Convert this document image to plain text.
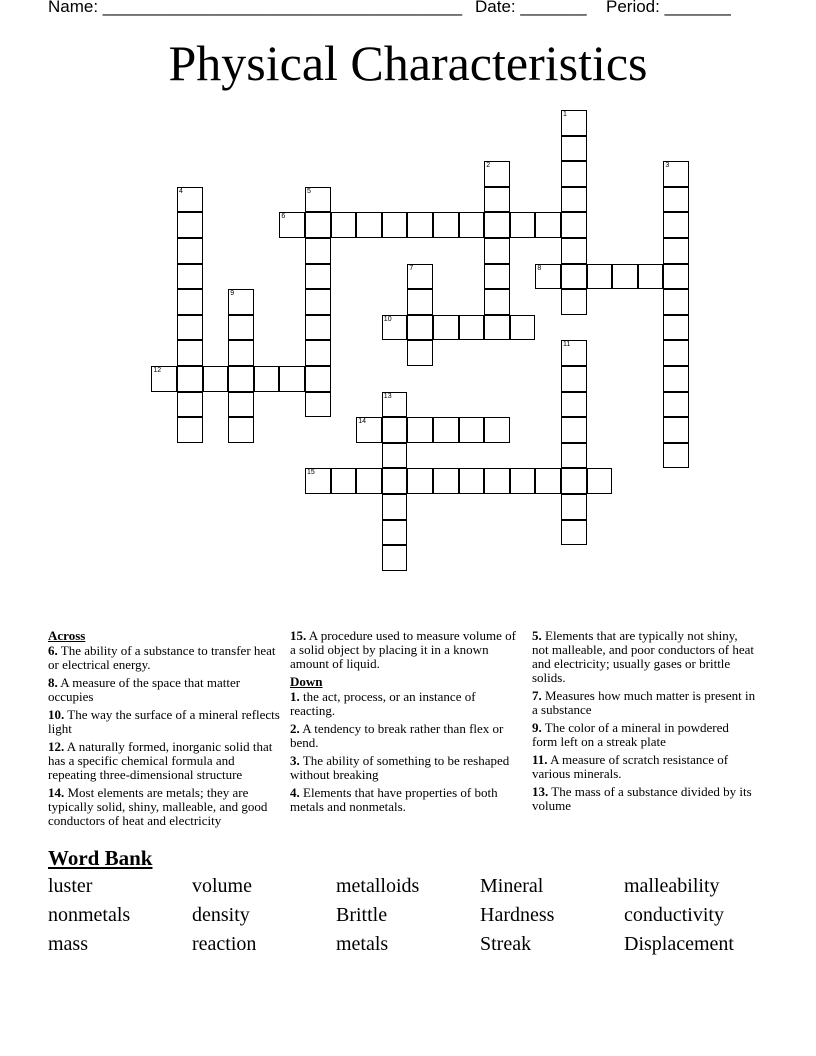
Name: ______________________________________ Date: _______ Period: _______
Physical Characteristics
1
2	3
4	5
6
7	8
9
10
11
12
13
14
15
Across
6. The ability of a substance to transfer heat or electrical energy.
8. A measure of the space that matter occupies
10. The way the surface of a mineral reflects light
12. A naturally formed, inorganic solid that has a specific chemical formula and repeating three-dimensional structure
14. Most elements are metals; they are typically solid, shiny, malleable, and good conductors of heat and electricity
15. A procedure used to measure volume of a solid object by placing it in a known amount of liquid.
Down
1. the act, process, or an instance of reacting.
2. A tendency to break rather than flex or bend.
3. The ability of something to be reshaped without breaking
4. Elements that have properties of both metals and nonmetals.
5. Elements that are typically not shiny, not malleable, and poor conductors of heat and electricity; usually gases or brittle solids.
7. Measures how much matter is present in a substance
9. The color of a mineral in powdered form left on a streak plate
11. A measure of scratch resistance of various minerals.
13. The mass of a substance divided by its volume
Word Bank
luster	volume	metalloids	Mineral	malleability
nonmetals	density	Brittle	Hardness	conductivity
mass	reaction	metals	Streak	Displacement
